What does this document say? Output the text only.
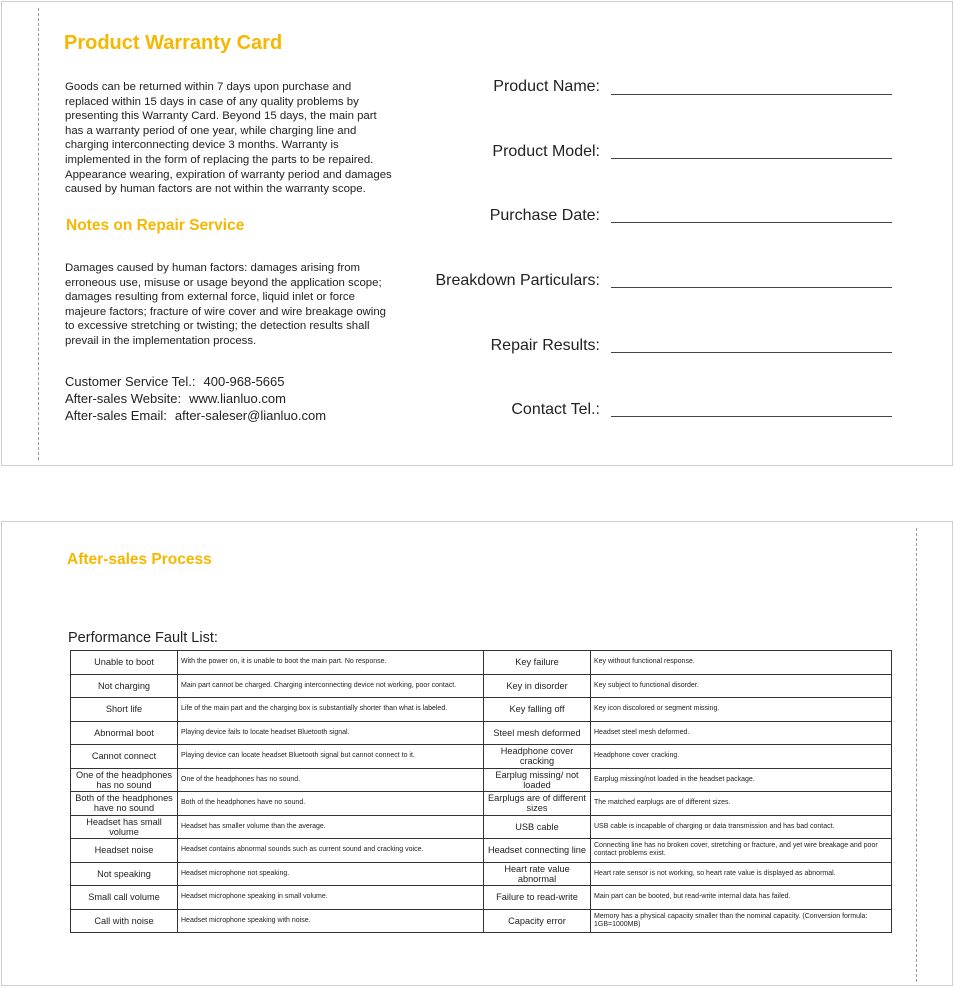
Product Warranty Card

Goods can be returned within 7 days upon purchase and replaced within 15 days in case of any quality problems by presenting this Warranty Card. Beyond 15 days, the main part has a warranty period of one year, while charging line and charging interconnecting device 3 months. Warranty is implemented in the form of replacing the parts to be repaired. Appearance wearing, expiration of warranty period and damages caused by human factors are not within the warranty scope.

Notes on Repair Service

Damages caused by human factors: damages arising from erroneous use, misuse or usage beyond the application scope; damages resulting from external force, liquid inlet or force majeure factors; fracture of wire cover and wire breakage owing to excessive stretching or twisting; the detection results shall prevail in the implementation process.

Customer Service Tel.: 400-968-5665
After-sales Website: www.lianluo.com
After-sales Email: after-saleser@lianluo.com
Product Name:
Product Model:
Purchase Date:
Breakdown Particulars:
Repair Results:
Contact Tel.:
After-sales Process

Performance Fault List:

Unable to boot	With the power on, it is unable to boot the main part. No response.	Key failure	Key without functional response.
Not charging	Main part cannot be charged. Charging interconnecting device not working, poor contact.	Key in disorder	Key subject to functional disorder.
Short life	Life of the main part and the charging box is substantially shorter than what is labeled.	Key falling off	Key icon discolored or segment missing.
Abnormal boot	Playing device fails to locate headset Bluetooth signal.	Steel mesh deformed	Headset steel mesh deformed.
Cannot connect	Playing device can locate headset Bluetooth signal but cannot connect to it.	Headphone cover cracking	Headphone cover cracking.
One of the headphones has no sound	One of the headphones has no sound.	Earplug missing/ not loaded	Earplug missing/not loaded in the headset package.
Both of the headphones have no sound	Both of the headphones have no sound.	Earplugs are of different sizes	The matched earplugs are of different sizes.
Headset has small volume	Headset has smaller volume than the average.	USB cable	USB cable is incapable of charging or data transmission and has bad contact.
Headset noise	Headset contains abnormal sounds such as current sound and cracking voice.	Headset connecting line	Connecting line has no broken cover, stretching or fracture, and yet wire breakage and poor contact problems exist.
Not speaking	Headset microphone not speaking.	Heart rate value abnormal	Heart rate sensor is not working, so heart rate value is displayed as abnormal.
Small call volume	Headset microphone speaking in small volume.	Failure to read-write	Main part can be booted, but read-write internal data has failed.
Call with noise	Headset microphone speaking with noise.	Capacity error	Memory has a physical capacity smaller than the nominal capacity. (Conversion formula: 1GB=1000MB)
